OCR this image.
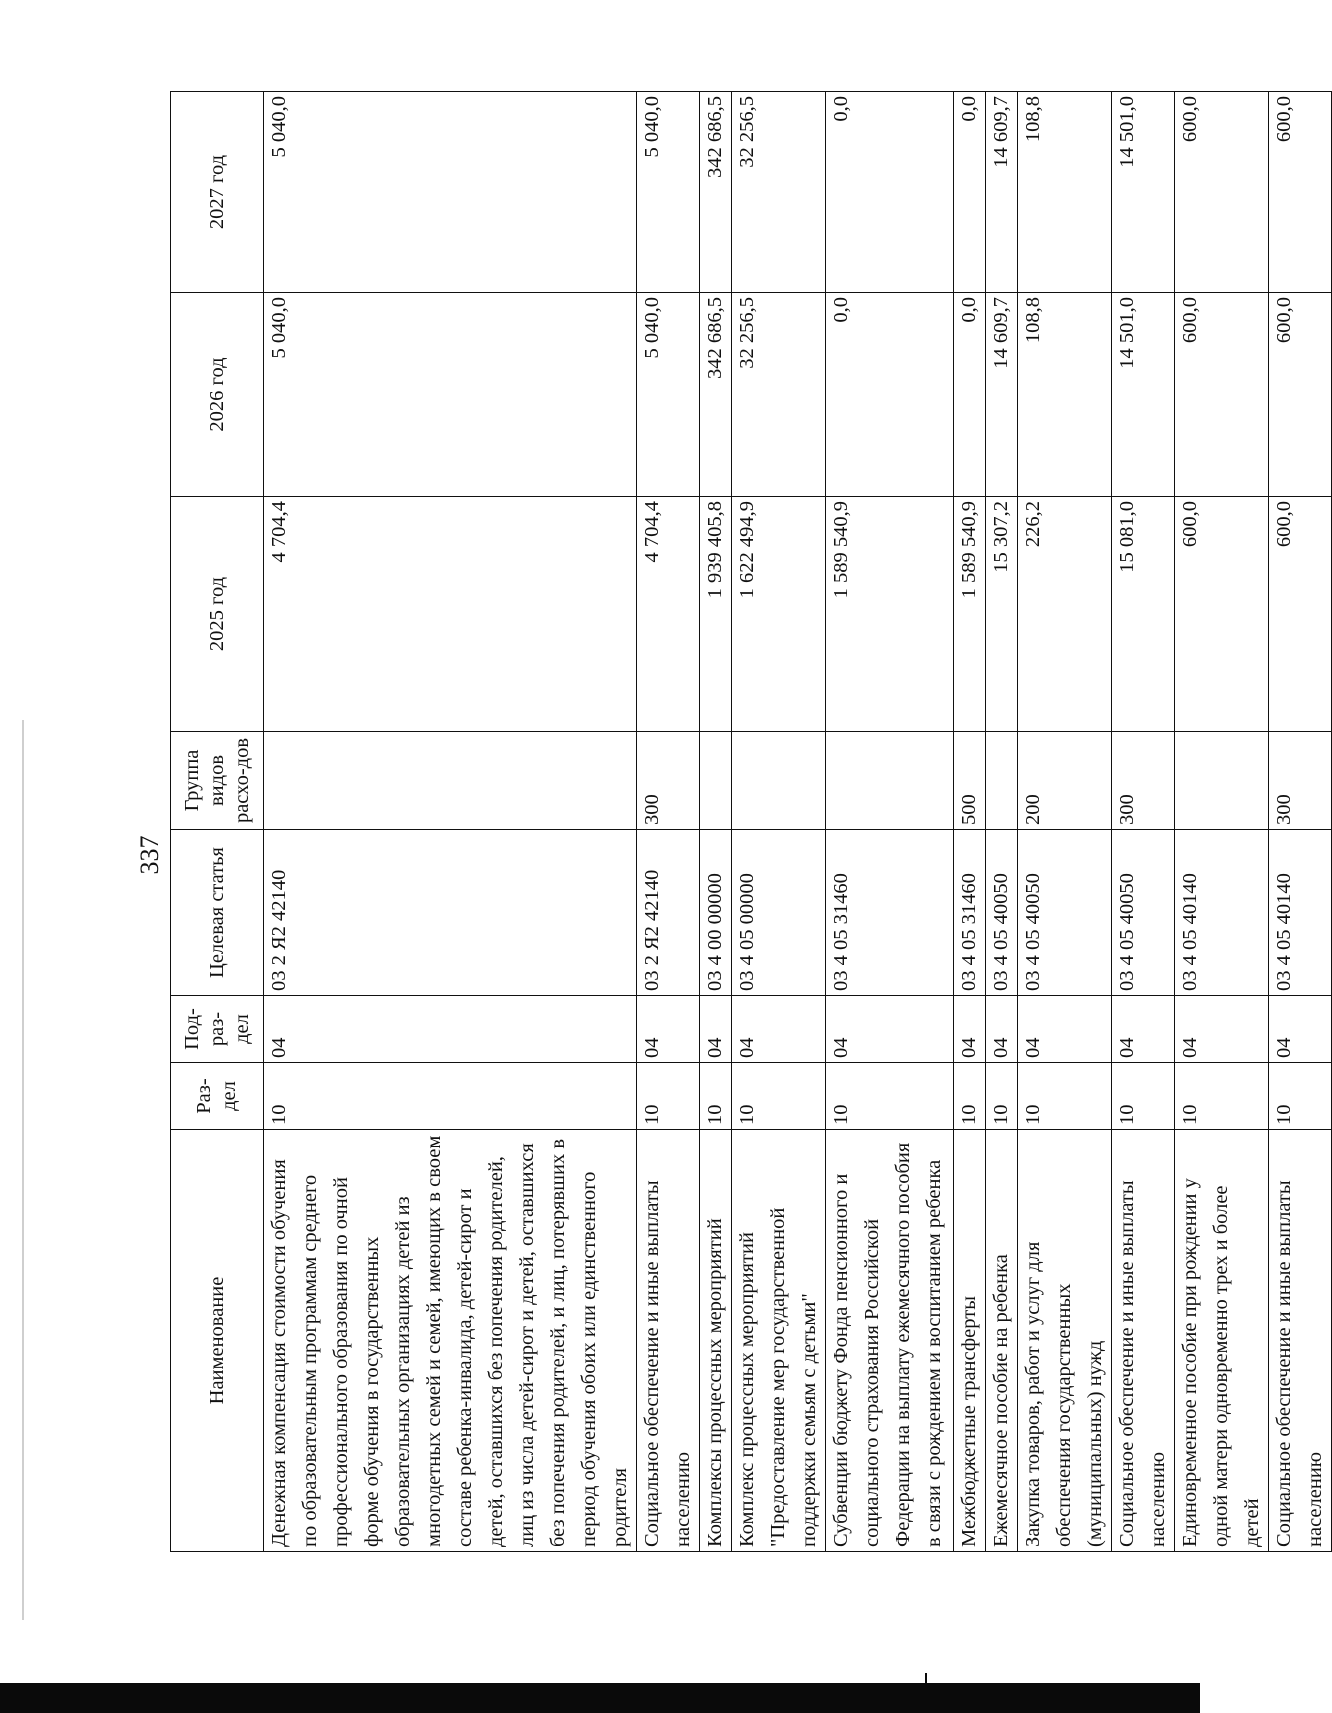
337
Наименование	Раз-дел	Под-раз-дел	Целевая статья	Группа видов расхо-дов	2025 год	2026 год	2027 год
Денежная компенсация стоимости обучения по образовательным программам среднего профессионального образования по очной форме обучения в государственных образовательных организациях детей из многодетных семей и семей, имеющих в своем составе ребенка-инвалида, детей-сирот и детей, оставшихся без попечения родителей, лиц из числа детей-сирот и детей, оставшихся без попечения родителей, и лиц, потерявших в период обучения обоих или единственного родителя	10	04	03 2 Я2 42140		4 704,4	5 040,0	5 040,0
Социальное обеспечение и иные выплаты населению	10	04	03 2 Я2 42140	300	4 704,4	5 040,0	5 040,0
Комплексы процессных мероприятий	10	04	03 4 00 00000		1 939 405,8	342 686,5	342 686,5
Комплекс процессных мероприятий "Предоставление мер государственной поддержки семьям с детьми"	10	04	03 4 05 00000		1 622 494,9	32 256,5	32 256,5
Субвенции бюджету Фонда пенсионного и социального страхования Российской Федерации на выплату ежемесячного пособия в связи с рождением и воспитанием ребенка	10	04	03 4 05 31460		1 589 540,9	0,0	0,0
Межбюджетные трансферты	10	04	03 4 05 31460	500	1 589 540,9	0,0	0,0
Ежемесячное пособие на ребенка	10	04	03 4 05 40050		15 307,2	14 609,7	14 609,7
Закупка товаров, работ и услуг для обеспечения государственных (муниципальных) нужд	10	04	03 4 05 40050	200	226,2	108,8	108,8
Социальное обеспечение и иные выплаты населению	10	04	03 4 05 40050	300	15 081,0	14 501,0	14 501,0
Единовременное пособие при рождении у одной матери одновременно трех и более детей	10	04	03 4 05 40140		600,0	600,0	600,0
Социальное обеспечение и иные выплаты населению	10	04	03 4 05 40140	300	600,0	600,0	600,0
